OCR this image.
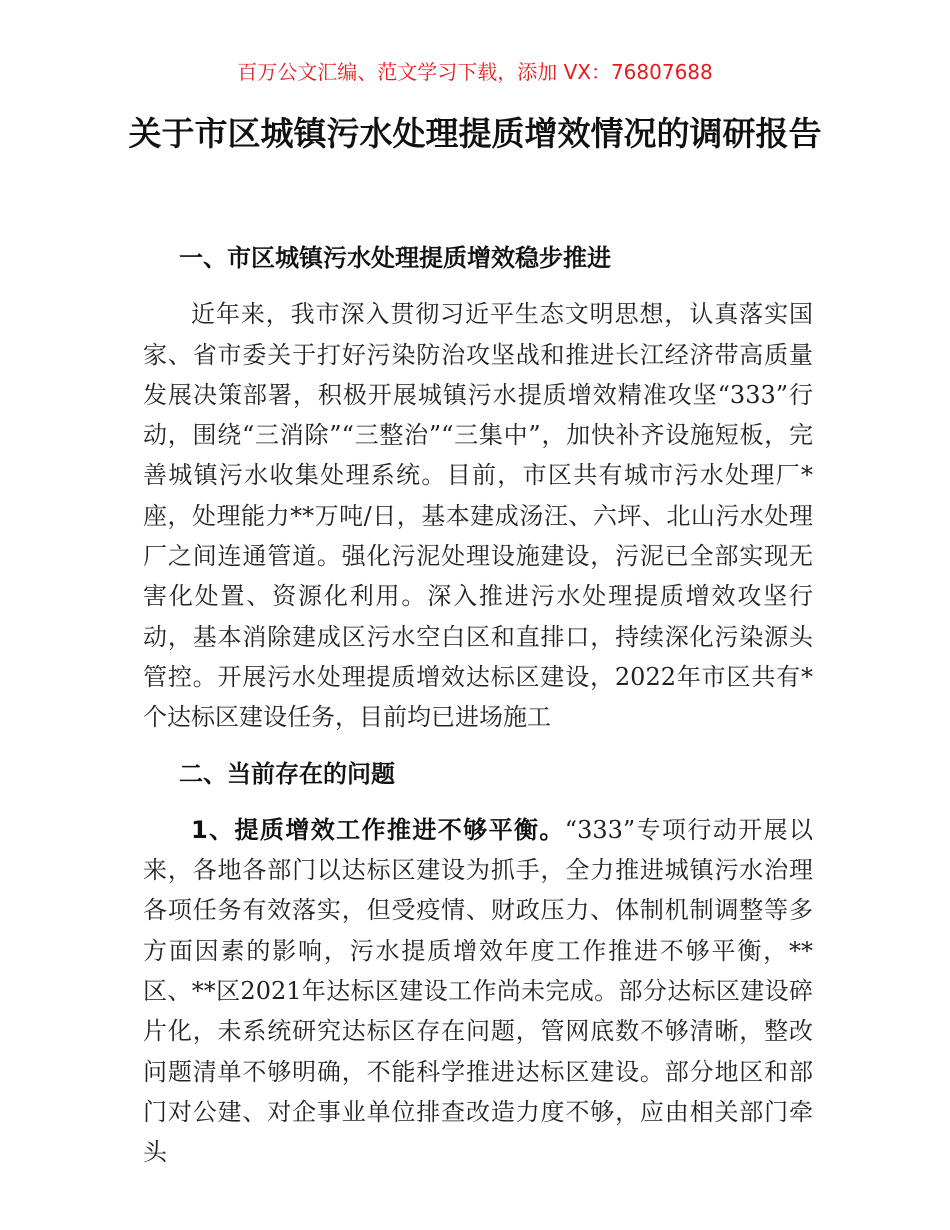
百万公文汇编、范文学习下载，添加 VX：76807688
关于市区城镇污水处理提质增效情况的调研报告
一、市区城镇污水处理提质增效稳步推进
近年来，我市深入贯彻习近平生态文明思想，认真落实国家、省市委关于打好污染防治攻坚战和推进长江经济带高质量发展决策部署，积极开展城镇污水提质增效精准攻坚“333”行动，围绕“三消除”“三整治”“三集中”，加快补齐设施短板，完善城镇污水收集处理系统。目前，市区共有城市污水处理厂*座，处理能力**万吨/日，基本建成汤汪、六坪、北山污水处理厂之间连通管道。强化污泥处理设施建设，污泥已全部实现无害化处置、资源化利用。深入推进污水处理提质增效攻坚行动，基本消除建成区污水空白区和直排口，持续深化污染源头管控。开展污水处理提质增效达标区建设，2022年市区共有*个达标区建设任务，目前均已进场施工
二、当前存在的问题
1、提质增效工作推进不够平衡。“333”专项行动开展以来，各地各部门以达标区建设为抓手，全力推进城镇污水治理各项任务有效落实，但受疫情、财政压力、体制机制调整等多方面因素的影响，污水提质增效年度工作推进不够平衡，**区、**区2021年达标区建设工作尚未完成。部分达标区建设碎片化，未系统研究达标区存在问题，管网底数不够清晰，整改问题清单不够明确，不能科学推进达标区建设。部分地区和部门对公建、对企事业单位排查改造力度不够，应由相关部门牵头
